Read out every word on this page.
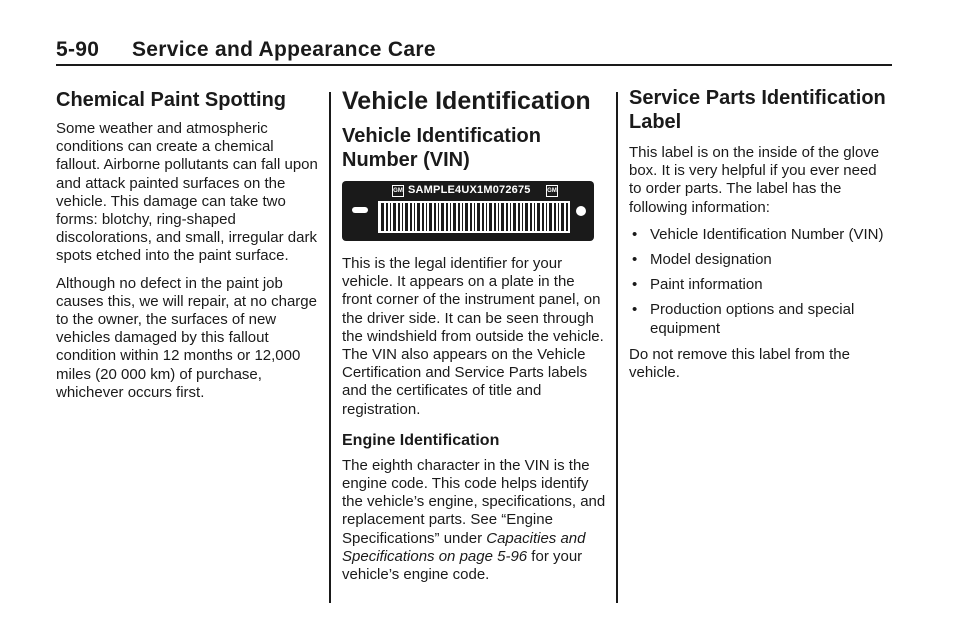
5-90 Service and Appearance Care
Chemical Paint Spotting

Some weather and atmospheric conditions can create a chemical fallout. Airborne pollutants can fall upon and attack painted surfaces on the vehicle. This damage can take two forms: blotchy, ring-shaped discolorations, and small, irregular dark spots etched into the paint surface.

Although no defect in the paint job causes this, we will repair, at no charge to the owner, the surfaces of new vehicles damaged by this fallout condition within 12 months or 12,000 miles (20 000 km) of purchase, whichever occurs first.

Vehicle Identification
Vehicle Identification Number (VIN)
GM SAMPLE4UX1M072675	GM

This is the legal identifier for your vehicle. It appears on a plate in the front corner of the instrument panel, on the driver side. It can be seen through the windshield from outside the vehicle. The VIN also appears on the Vehicle Certification and Service Parts labels and the certificates of title and registration.

Engine Identification

The eighth character in the VIN is the engine code. This code helps identify the vehicle’s engine, specifications, and replacement parts. See “Engine Specifications” under Capacities and Specifications on page 5-96 for your vehicle’s engine code.

Service Parts Identification Label

This label is on the inside of the glove box. It is very helpful if you ever need to order parts. The label has the following information:

• Vehicle Identification Number (VIN)
• Model designation
• Paint information
• Production options and special equipment

Do not remove this label from the vehicle.
